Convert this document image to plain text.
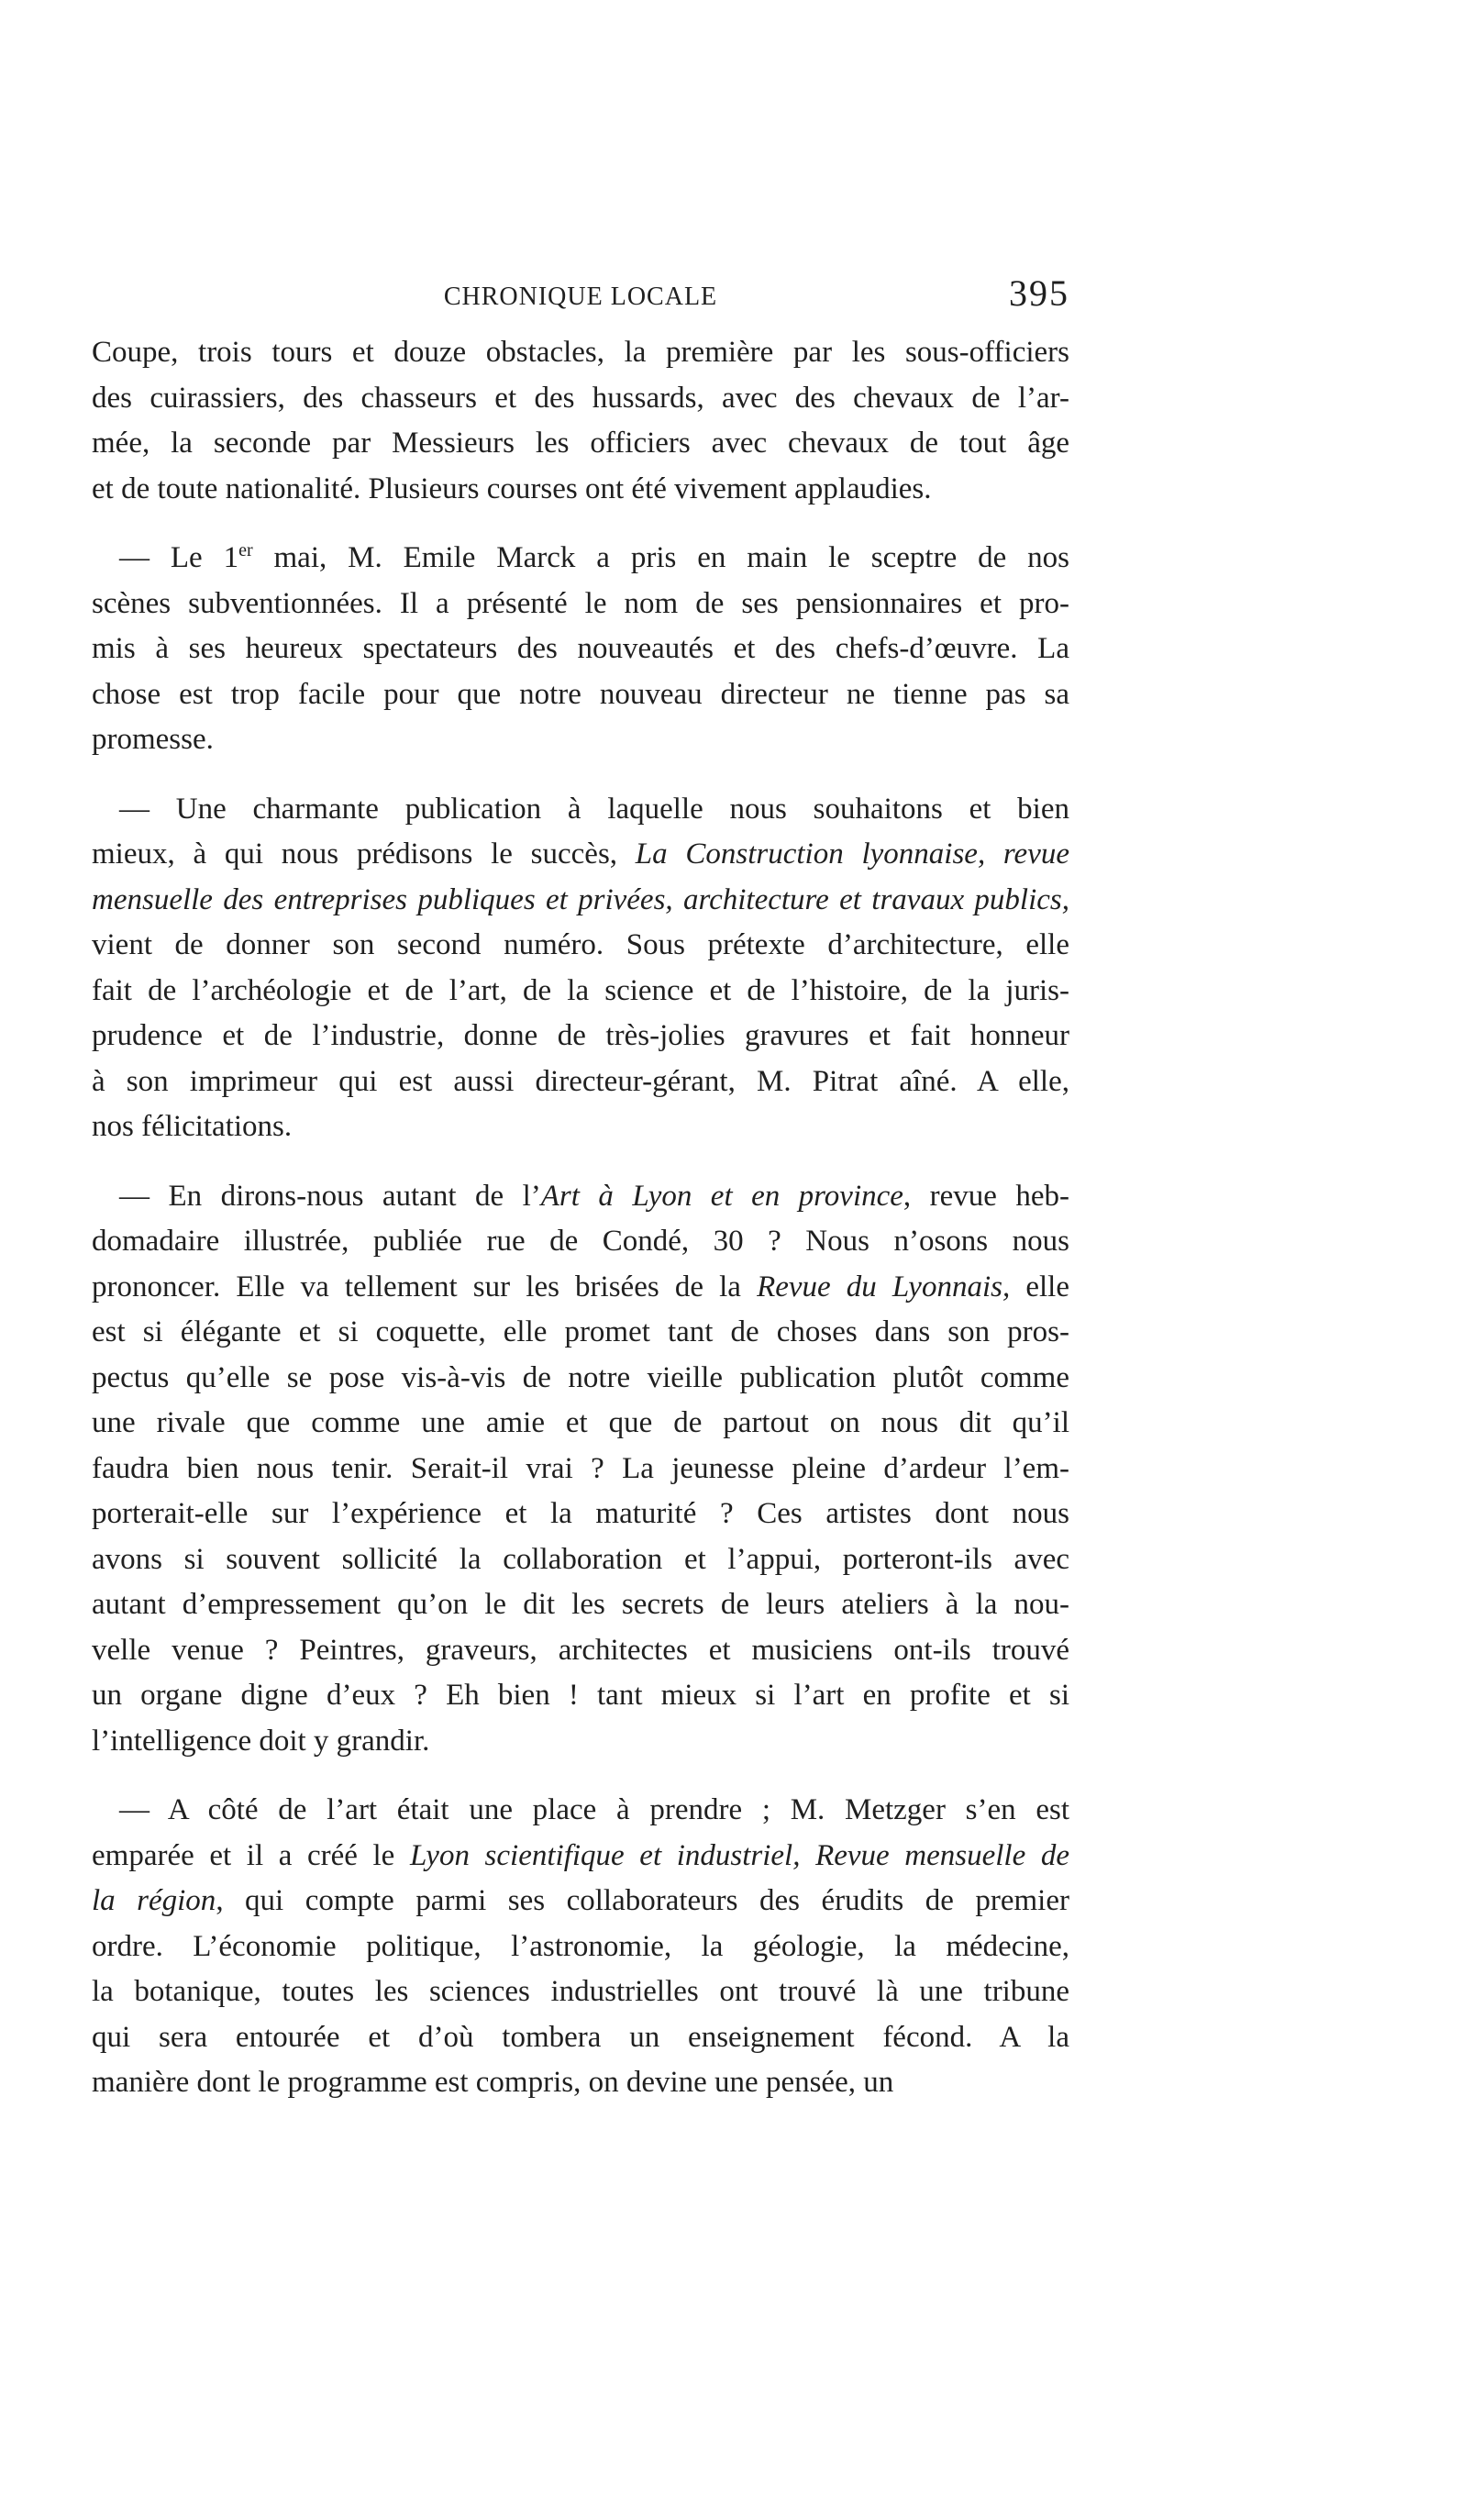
CHRONIQUE LOCALE	395
Coupe, trois tours et douze obstacles, la première par les sous-officiers
des cuirassiers, des chasseurs et des hussards, avec des chevaux de l’ar-
mée, la seconde par Messieurs les officiers avec chevaux de tout âge
et de toute nationalité. Plusieurs courses ont été vivement applaudies.
— Le 1er mai, M. Emile Marck a pris en main le sceptre de nos
scènes subventionnées. Il a présenté le nom de ses pensionnaires et pro-
mis à ses heureux spectateurs des nouveautés et des chefs-d’œuvre. La
chose est trop facile pour que notre nouveau directeur ne tienne pas sa
promesse.
— Une charmante publication à laquelle nous souhaitons et bien
mieux, à qui nous prédisons le succès, La Construction lyonnaise, revue
mensuelle des entreprises publiques et privées, architecture et travaux publics,
vient de donner son second numéro. Sous prétexte d’architecture, elle
fait de l’archéologie et de l’art, de la science et de l’histoire, de la juris-
prudence et de l’industrie, donne de très-jolies gravures et fait honneur
à son imprimeur qui est aussi directeur-gérant, M. Pitrat aîné. A elle,
nos félicitations.
— En dirons-nous autant de l’Art à Lyon et en province, revue heb-
domadaire illustrée, publiée rue de Condé, 30 ? Nous n’osons nous
prononcer. Elle va tellement sur les brisées de la Revue du Lyonnais, elle
est si élégante et si coquette, elle promet tant de choses dans son pros-
pectus qu’elle se pose vis-à-vis de notre vieille publication plutôt comme
une rivale que comme une amie et que de partout on nous dit qu’il
faudra bien nous tenir. Serait-il vrai ? La jeunesse pleine d’ardeur l’em-
porterait-elle sur l’expérience et la maturité ? Ces artistes dont nous
avons si souvent sollicité la collaboration et l’appui, porteront-ils avec
autant d’empressement qu’on le dit les secrets de leurs ateliers à la nou-
velle venue ? Peintres, graveurs, architectes et musiciens ont-ils trouvé
un organe digne d’eux ? Eh bien ! tant mieux si l’art en profite et si
l’intelligence doit y grandir.
— A côté de l’art était une place à prendre ; M. Metzger s’en est
emparée et il a créé le Lyon scientifique et industriel, Revue mensuelle de
la région, qui compte parmi ses collaborateurs des érudits de premier
ordre. L’économie politique, l’astronomie, la géologie, la médecine,
la botanique, toutes les sciences industrielles ont trouvé là une tribune
qui sera entourée et d’où tombera un enseignement fécond. A la
manière dont le programme est compris, on devine une pensée, un
